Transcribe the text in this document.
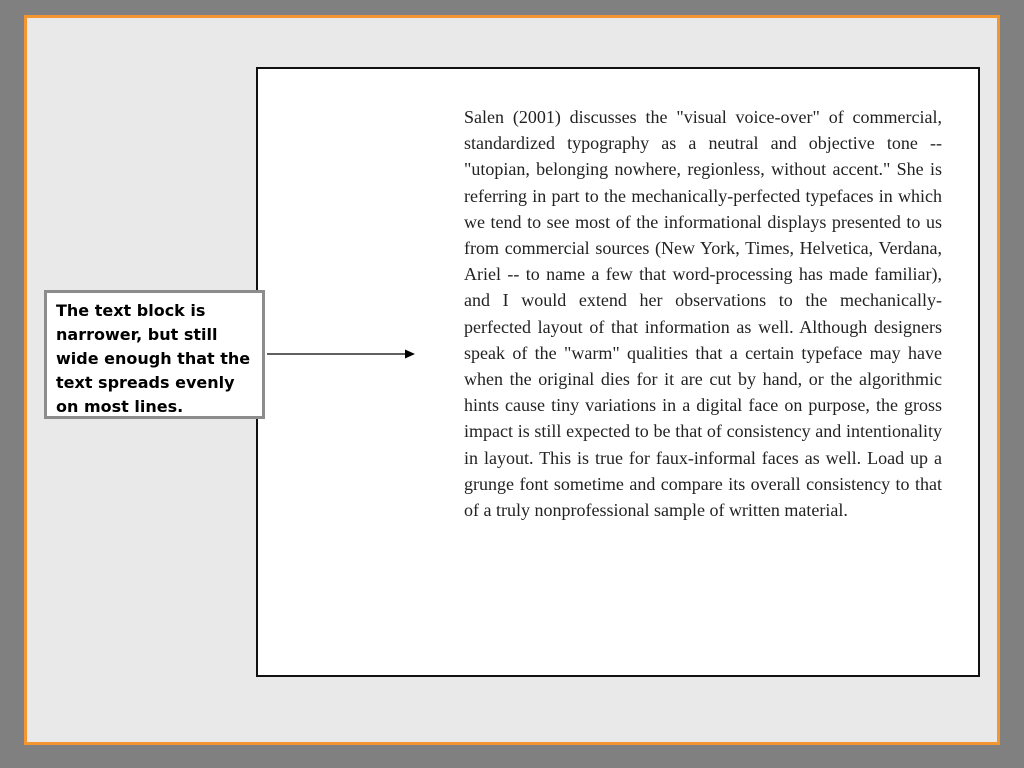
Salen (2001) discusses the "visual voice-over" of commercial, standardized typography as a neutral and objective tone -- "utopian, belonging nowhere, regionless, without accent." She is referring in part to the mechanically-perfected typefaces in which we tend to see most of the informational displays presented to us from commercial sources (New York, Times, Helvetica, Verdana, Ariel -- to name a few that word-processing has made familiar), and I would extend her observations to the mechanically-perfected layout of that information as well. Although designers speak of the "warm" qualities that a certain typeface may have when the original dies for it are cut by hand, or the algorithmic hints cause tiny variations in a digital face on purpose, the gross impact is still expected to be that of consistency and intentionality in layout. This is true for faux-informal faces as well. Load up a grunge font sometime and compare its overall consistency to that of a truly nonprofessional sample of written material.

The text block is narrower, but still wide enough that the text spreads evenly on most lines.
